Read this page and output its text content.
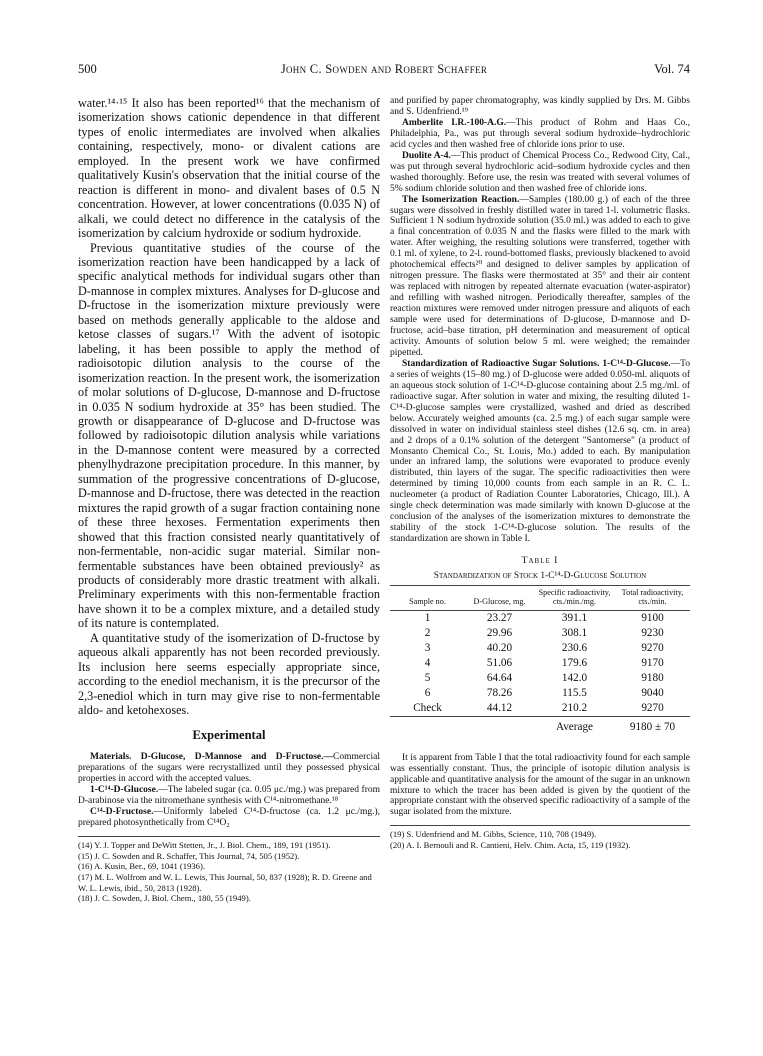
500	John C. Sowden and Robert Schaffer	Vol. 74

water.¹⁴·¹⁵ It also has been reported¹⁶ that the mechanism of isomerization shows cationic dependence in that different types of enolic intermediates are involved when alkalies containing, respectively, mono- or divalent cations are employed. In the present work we have confirmed qualitatively Kusin's observation that the initial course of the reaction is different in mono- and divalent bases of 0.5 N concentration. However, at lower concentrations (0.035 N) of alkali, we could detect no difference in the catalysis of the isomerization by calcium hydroxide or sodium hydroxide.

Previous quantitative studies of the course of the isomerization reaction have been handicapped by a lack of specific analytical methods for individual sugars other than D-mannose in complex mixtures. Analyses for D-glucose and D-fructose in the isomerization mixture previously were based on methods generally applicable to the aldose and ketose classes of sugars.¹⁷ With the advent of isotopic labeling, it has been possible to apply the method of radioisotopic dilution analysis to the course of the isomerization reaction. In the present work, the isomerization of molar solutions of D-glucose, D-mannose and D-fructose in 0.035 N sodium hydroxide at 35° has been studied. The growth or disappearance of D-glucose and D-fructose was followed by radioisotopic dilution analysis while variations in the D-mannose content were measured by a corrected phenylhydrazone precipitation procedure. In this manner, by summation of the progressive concentrations of D-glucose, D-mannose and D-fructose, there was detected in the reaction mixtures the rapid growth of a sugar fraction containing none of these three hexoses. Fermentation experiments then showed that this fraction consisted nearly quantitatively of non-fermentable, non-acidic sugar material. Similar non-fermentable substances have been obtained previously² as products of considerably more drastic treatment with alkali. Preliminary experiments with this non-fermentable fraction have shown it to be a complex mixture, and a detailed study of its nature is contemplated.

A quantitative study of the isomerization of D-fructose by aqueous alkali apparently has not been recorded previously. Its inclusion here seems especially appropriate since, according to the enediol mechanism, it is the precursor of the 2,3-enediol which in turn may give rise to non-fermentable aldo- and ketohexoses.

Experimental

Materials. D-Glucose, D-Mannose and D-Fructose.—Commercial preparations of the sugars were recrystallized until they possessed physical properties in accord with the accepted values.

1-C¹⁴-D-Glucose.—The labeled sugar (ca. 0.05 μc./mg.) was prepared from D-arabinose via the nitromethane synthesis with C¹⁴-nitromethane.¹⁸

C¹⁴-D-Fructose.—Uniformly labeled C¹⁴-D-fructose (ca. 1.2 μc./mg.), prepared photosynthetically from C¹⁴O₂

(14) Y. J. Topper and DeWitt Stetten, Jr., J. Biol. Chem., 189, 191 (1951).

(15) J. C. Sowden and R. Schaffer, This Journal, 74, 505 (1952).

(16) A. Kusin, Ber., 69, 1041 (1936).

(17) M. L. Wolfrom and W. L. Lewis, This Journal, 50, 837 (1928); R. D. Greene and W. L. Lewis, ibid., 50, 2813 (1928).

(18) J. C. Sowden, J. Biol. Chem., 180, 55 (1949).

and purified by paper chromatography, was kindly supplied by Drs. M. Gibbs and S. Udenfriend.¹⁹

Amberlite I.R.-100-A.G.—This product of Rohm and Haas Co., Philadelphia, Pa., was put through several sodium hydroxide–hydrochloric acid cycles and then washed free of chloride ions prior to use.

Duolite A-4.—This product of Chemical Process Co., Redwood City, Cal., was put through several hydrochloric acid–sodium hydroxide cycles and then washed thoroughly. Before use, the resin was treated with several volumes of 5% sodium chloride solution and then washed free of chloride ions.

The Isomerization Reaction.—Samples (180.00 g.) of each of the three sugars were dissolved in freshly distilled water in tared 1-l. volumetric flasks. Sufficient 1 N sodium hydroxide solution (35.0 ml.) was added to each to give a final concentration of 0.035 N and the flasks were filled to the mark with water. After weighing, the resulting solutions were transferred, together with 0.1 ml. of xylene, to 2-l. round-bottomed flasks, previously blackened to avoid photochemical effects²⁰ and designed to deliver samples by application of nitrogen pressure. The flasks were thermostated at 35° and their air content was replaced with nitrogen by repeated alternate evacuation (water-aspirator) and refilling with washed nitrogen. Periodically thereafter, samples of the reaction mixtures were removed under nitrogen pressure and aliquots of each sample were used for determinations of D-glucose, D-mannose and D-fructose, acid–base titration, pH determination and measurement of optical activity. Amounts of solution below 5 ml. were weighed; the remainder pipetted.

Standardization of Radioactive Sugar Solutions. 1-C¹⁴-D-Glucose.—To a series of weights (15–80 mg.) of D-glucose were added 0.050-ml. aliquots of an aqueous stock solution of 1-C¹⁴-D-glucose containing about 2.5 mg./ml. of radioactive sugar. After solution in water and mixing, the resulting diluted 1-C¹⁴-D-glucose samples were crystallized, washed and dried as described below. Accurately weighed amounts (ca. 2.5 mg.) of each sugar sample were dissolved in water on individual stainless steel dishes (12.6 sq. cm. in area) and 2 drops of a 0.1% solution of the detergent "Santomerse" (a product of Monsanto Chemical Co., St. Louis, Mo.) added to each. By manipulation under an infrared lamp, the solutions were evaporated to produce evenly distributed, thin layers of the sugar. The specific radioactivities then were determined by timing 10,000 counts from each sample in an R. C. L. nucleometer (a product of Radiation Counter Laboratories, Chicago, Ill.). A single check determination was made similarly with known D-glucose at the conclusion of the analyses of the isomerization mixtures to demonstrate the stability of the stock 1-C¹⁴-D-glucose solution. The results of the standardization are shown in Table I.

Table I
Standardization of Stock 1-C¹⁴-D-Glucose Solution
Sample no.	D-Glucose, mg.	Specific radioactivity, cts./min./mg.	Total radioactivity, cts./min.
1	23.27	391.1	9100
2	29.96	308.1	9230
3	40.20	230.6	9270
4	51.06	179.6	9170
5	64.64	142.0	9180
6	78.26	115.5	9040
Check	44.12	210.2	9270
		Average	9180 ± 70

It is apparent from Table I that the total radioactivity found for each sample was essentially constant. Thus, the principle of isotopic dilution analysis is applicable and quantitative analysis for the amount of the sugar in an unknown mixture to which the tracer has been added is given by the quotient of the appropriate constant with the observed specific radioactivity of a sample of the sugar isolated from the mixture.

(19) S. Udenfriend and M. Gibbs, Science, 110, 708 (1949).

(20) A. I. Bernouli and R. Cantieni, Helv. Chim. Acta, 15, 119 (1932).
